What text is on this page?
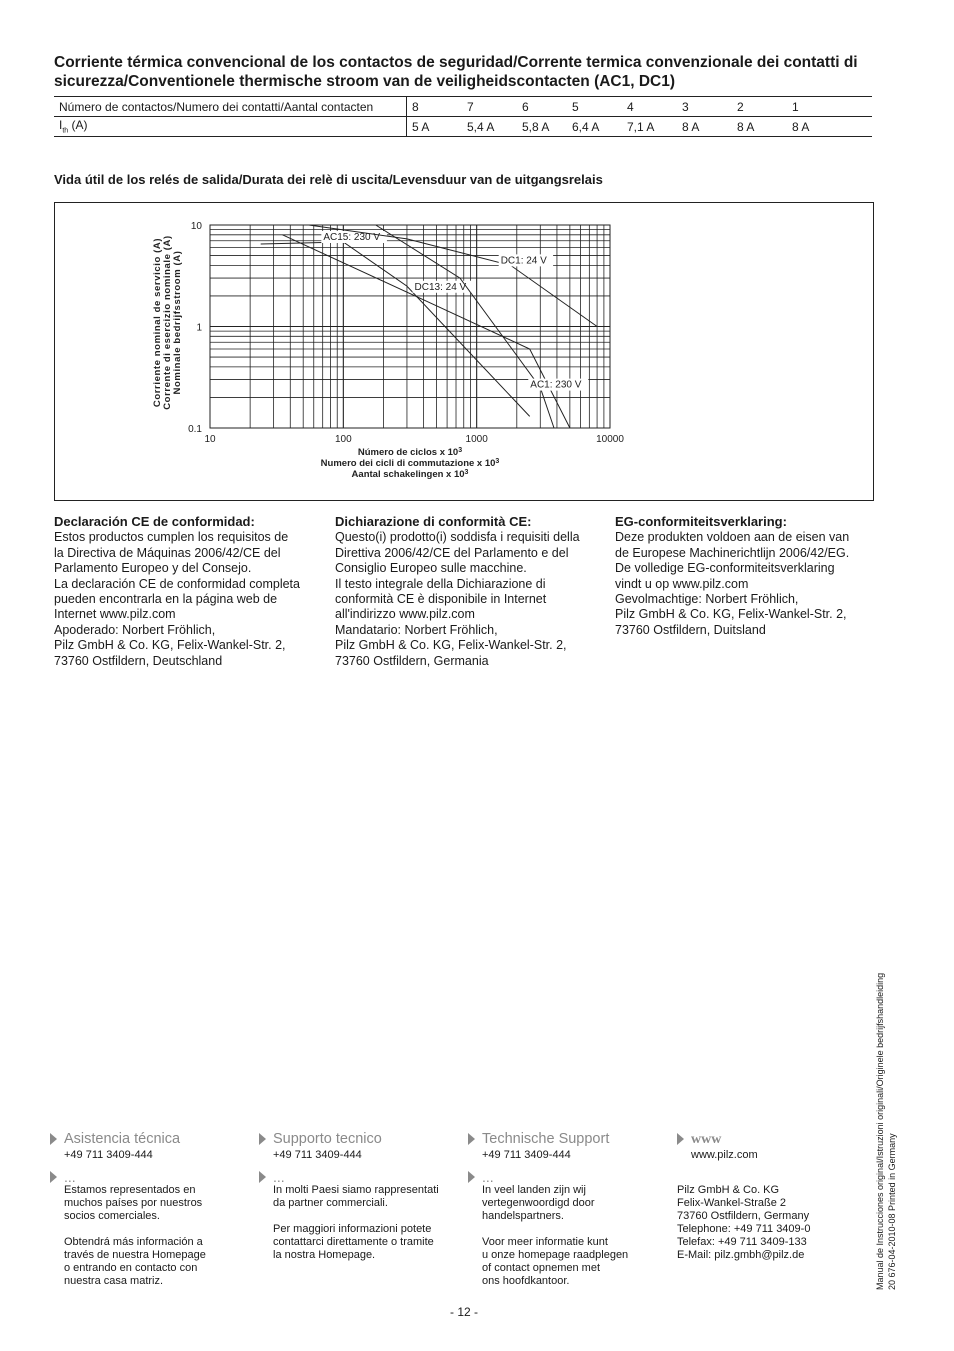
Corriente térmica convencional de los contactos de seguridad/Corrente termica convenzionale dei contatti di sicurezza/Conventionele thermische stroom van de veiligheidscontacten (AC1, DC1)
Número de contactos/Numero dei contatti/Aantal contacten	8	7	6	5	4	3	2	1
$I_{th}$ (A)	5 A	5,4 A	5,8 A	6,4 A	7,1 A	8 A	8 A	8 A
Vida útil de los relés de salida/Durata dei relè di uscita/Levensduur van de uitgangsrelais
AC15: 230 V
DC1: 24 V
DC13: 24 V
AC1: 230 V
10	100	1000	10000
10
1
0.1
Corriente nominal de servicio (A) Corrente di esercizio nominale (A) Nominale bedrijfsstroom (A)
Número de ciclos x $10^3$
Numero dei cicli di commutazione x $10^3$
Aantal schakelingen x $10^3$
Declaración CE de conformidad:
Estos productos cumplen los requisitos de
la Directiva de Máquinas 2006/42/CE del
Parlamento Europeo y del Consejo.
La declaración CE de conformidad completa
pueden encontrarla en la página web de
Internet www.pilz.com
Apoderado: Norbert Fröhlich,
Pilz GmbH & Co. KG, Felix-Wankel-Str. 2,
73760 Ostfildern, Deutschland
Dichiarazione di conformità CE:
Questo(i) prodotto(i) soddisfa i requisiti della
Direttiva 2006/42/CE del Parlamento e del
Consiglio Europeo sulle macchine.
Il testo integrale della Dichiarazione di
conformità CE è disponibile in Internet
all'indirizzo www.pilz.com
Mandatario: Norbert Fröhlich,
Pilz GmbH & Co. KG, Felix-Wankel-Str. 2,
73760 Ostfildern, Germania
EG-conformiteitsverklaring:
Deze produkten voldoen aan de eisen van
de Europese Machinerichtlijn 2006/42/EG.
De volledige EG-conformiteitsverklaring
vindt u op www.pilz.com
Gevolmachtige: Norbert Fröhlich,
Pilz GmbH & Co. KG, Felix-Wankel-Str. 2,
73760 Ostfildern, Duitsland
Asistencia técnica
+49 711 3409-444
...
Estamos representados en
muchos países por nuestros
socios comerciales.

Obtendrá más información a
través de nuestra Homepage
o entrando en contacto con
nuestra casa matriz.
Supporto tecnico
+49 711 3409-444
...
In molti Paesi siamo rappresentati
da partner commerciali.

Per maggiori informazioni potete
contattarci direttamente o tramite
la nostra Homepage.
Technische Support
+49 711 3409-444
...
In veel landen zijn wij
vertegenwoordigd door
handelspartners.

Voor meer informatie kunt
u onze homepage raadplegen
of contact opnemen met
ons hoofdkantoor.
www
www.pilz.com
Pilz GmbH & Co. KG
Felix-Wankel-Straße 2
73760 Ostfildern, Germany
Telephone: +49 711 3409-0
Telefax: +49 711 3409-133
E-Mail: pilz.gmbh@pilz.de	Manual de Instrucciones original/Istruzioni originali/Originele bedrijfshandleiding 20 676-04-2010-08 Printed in Germany
- 12 -
